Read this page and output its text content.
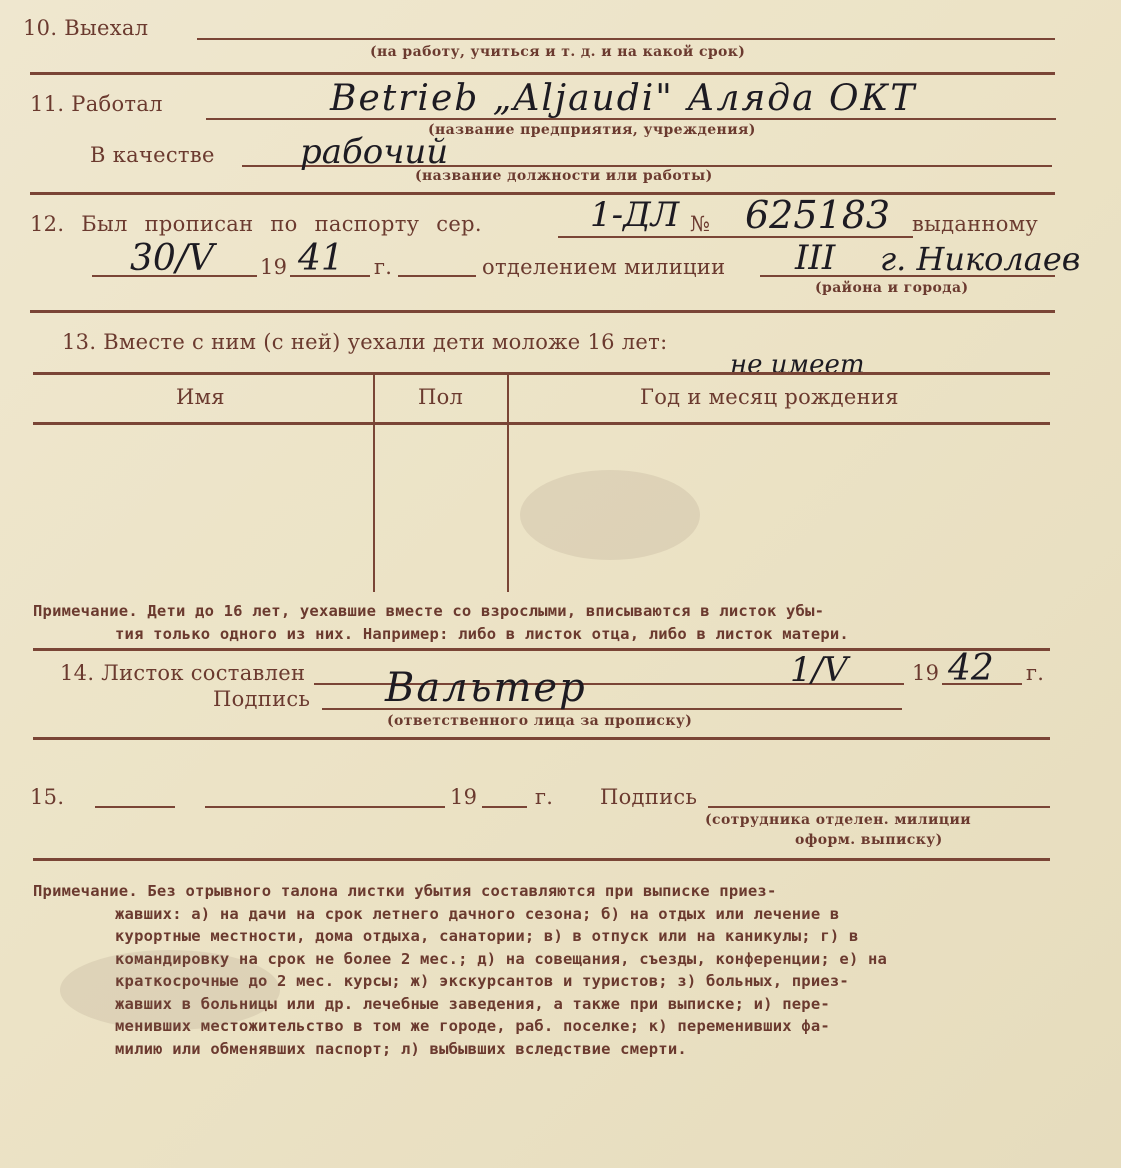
10. Выехал
(на работу, учиться и т. д. и на какой срок)
11. Работал	Betrieb „Aljaudi" Алядa ОКТ
(название предприятия, учреждения)
В качестве	рабочий
(название должности или работы)
12. Был прописан по паспорту сер.	1-ДЛ № 625183 выданному
30/V 19 41 г.	отделением милиции III г. Николаев
(района и города)
13. Вместе с ним (с ней) уехали дети моложе 16 лет:
не имеет
Имя	Пол	Год и месяц рождения
Примечание. Дети до 16 лет, уехавшие вместе со взрослыми, вписываются в листок убы-
тия только одного из них. Например: либо в листок отца, либо в листок матери.
14. Листок составлен	1/V	19 42 г.
Подпись Вальтер
(ответственного лица за прописку)
15.	19	г. Подпись
(сотрудника отделен. милиции
оформ. выписку)
Примечание. Без отрывного талона листки убытия составляются при выписке приез-
жавших: а) на дачи на срок летнего дачного сезона; б) на отдых или лечение в
курортные местности, дома отдыха, санатории; в) в отпуск или на каникулы; г) в
командировку на срок не более 2 мес.; д) на совещания, съезды, конференции; е) на
краткосрочные до 2 мес. курсы; ж) экскурсантов и туристов; з) больных, приез-
жавших в больницы или др. лечебные заведения, а также при выписке; и) пере-
менивших местожительство в том же городе, раб. поселке; к) переменивших фа-
милию или обменявших паспорт; л) выбывших вследствие смерти.
